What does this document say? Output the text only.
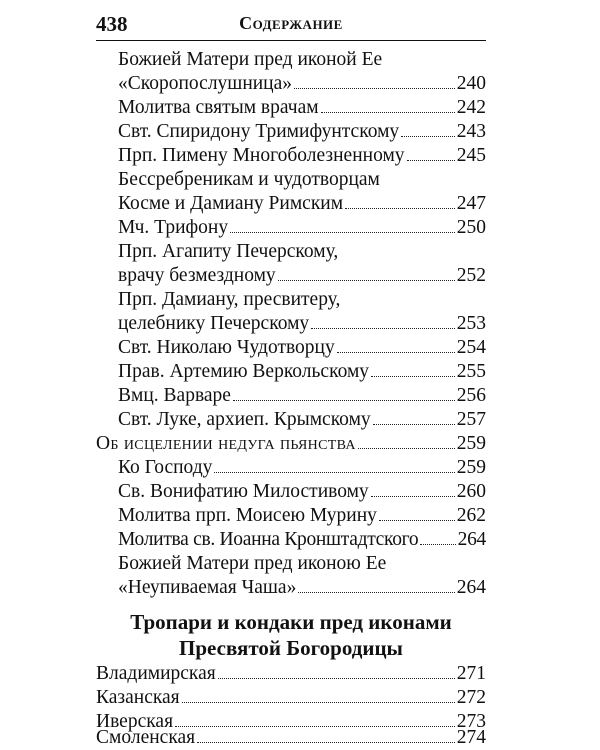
438	Содержание
Божией Матери пред иконой Ее
«Скоропослушница»	240
Молитва святым врачам	242
Свт. Спиридону Тримифунтскому	243
Прп. Пимену Многоболезненному	245
Бессребреникам и чудотворцам
Космe и Дамиану Римским	247
Мч. Трифону	250
Прп. Агапиту Печерскому,
врачу безмездному	252
Прп. Дамиану, пресвитеру,
целебнику Печерскому	253
Свт. Николаю Чудотворцу	254
Прав. Артемию Веркольскому	255
Вмц. Варваре	256
Свт. Луке, архиеп. Крымскому	257
Об исцелении недуга пьянства	259
Ко Господу	259
Св. Вонифатию Милостивому	260
Молитва прп. Моисею Мурину	262
Молитва св. Иоанна Кронштадтского 264
Божией Матери пред иконою Ее
«Неупиваемая Чаша»	264
Тропари и кондаки пред иконами
Пресвятой Богородицы
Владимирская	271
Казанская	272
Иверская	273
Смоленская	274
